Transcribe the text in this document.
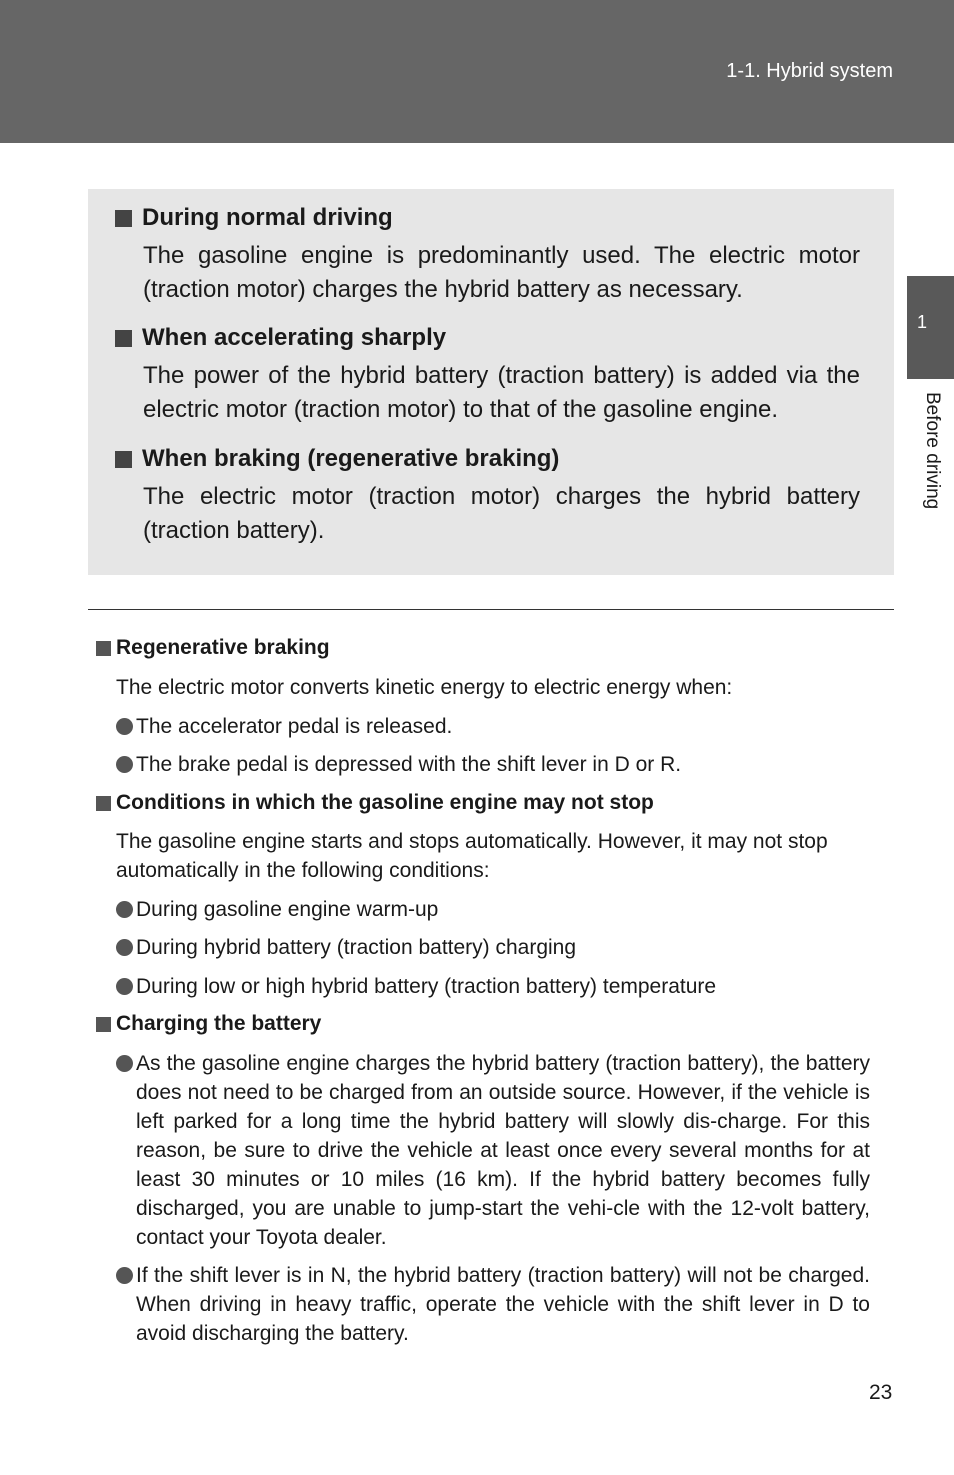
1-1. Hybrid system
1
Before driving
During normal driving
The gasoline engine is predominantly used. The electric motor (traction motor) charges the hybrid battery as necessary.
When accelerating sharply
The power of the hybrid battery (traction battery) is added via the electric motor (traction motor) to that of the gasoline engine.
When braking (regenerative braking)
The electric motor (traction motor) charges the hybrid battery (traction battery).
Regenerative braking
The electric motor converts kinetic energy to electric energy when:
The accelerator pedal is released.
The brake pedal is depressed with the shift lever in D or R.
Conditions in which the gasoline engine may not stop
The gasoline engine starts and stops automatically. However, it may not stop automatically in the following conditions:
During gasoline engine warm-up
During hybrid battery (traction battery) charging
During low or high hybrid battery (traction battery) temperature
Charging the battery
As the gasoline engine charges the hybrid battery (traction battery), the battery does not need to be charged from an outside source. However, if the vehicle is left parked for a long time the hybrid battery will slowly dis-charge. For this reason, be sure to drive the vehicle at least once every several months for at least 30 minutes or 10 miles (16 km). If the hybrid battery becomes fully discharged, you are unable to jump-start the vehi-cle with the 12-volt battery, contact your Toyota dealer.
If the shift lever is in N, the hybrid battery (traction battery) will not be charged. When driving in heavy traffic, operate the vehicle with the shift lever in D to avoid discharging the battery.
23
